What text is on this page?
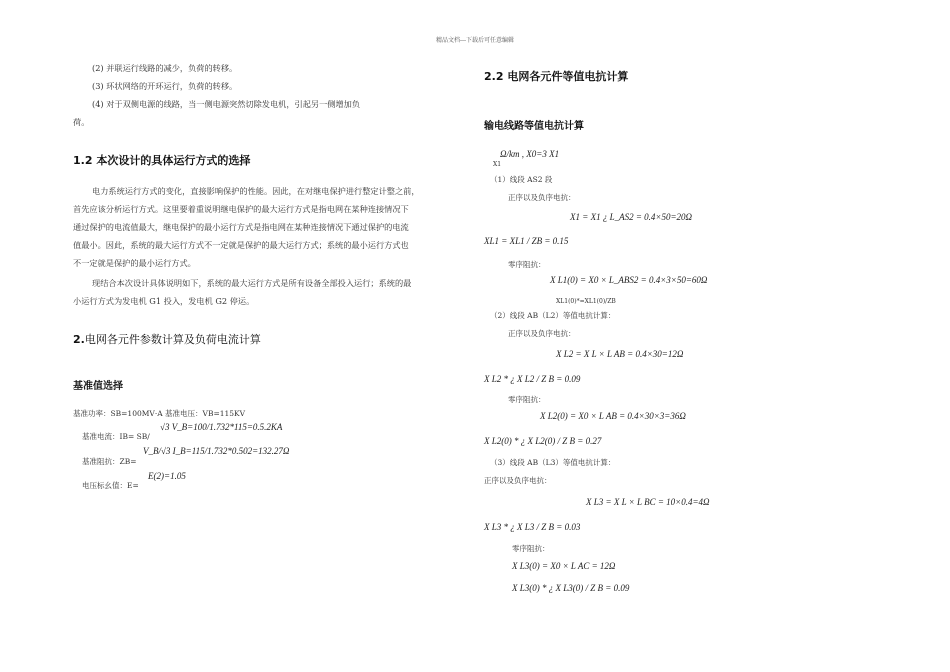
精品文档---下载后可任意编辑
(2) 并联运行线路的减少，负荷的转移。
(3) 环状网络的开环运行，负荷的转移。
(4) 对于双侧电源的线路，当一侧电源突然切除发电机，引起另一侧增加负
荷。
1.2 本次设计的具体运行方式的选择
电力系统运行方式的变化，直接影响保护的性能。因此，在对继电保护进行整定计整之前，
首先应该分析运行方式。这里要着重说明继电保护的最大运行方式是指电网在某种连接情况下
通过保护的电流值最大，继电保护的最小运行方式是指电网在某种连接情况下通过保护的电流
值最小。因此，系统的最大运行方式不一定就是保护的最大运行方式；系统的最小运行方式也
不一定就是保护的最小运行方式。
现结合本次设计具体说明如下，系统的最大运行方式是所有设备全部投入运行；系统的最
小运行方式为发电机 G1 投入，发电机 G2 停运。
2.电网各元件参数计算及负荷电流计算
基准值选择
基准功率：SB=100MV·A 基准电压：VB=115KV
基准电流：IB= SB/
√3 V_B=100/1.732*115=0.5.2KA
基准阻抗：ZB=
V_B/√3 I_B=115/1.732*0.502=132.27Ω
电压标幺值：E=
E(2)=1.05
2.2 电网各元件等值电抗计算
输电线路等值电抗计算
Ω/km , X0=3 X1
X1
（1）线段 AS2 段
正序以及负序电抗：
X1 = X1 ¿ L_AS2 = 0.4×50=20Ω
XL1 = XL1 / ZB = 0.15
零序阻抗：
X L1(0) = X0 × L_ABS2 = 0.4×3×50=60Ω
XL1(0)*=XL1(0)/ZB
（2）线段 AB（L2）等值电抗计算：
正序以及负序电抗：
X L2 = X L × L AB = 0.4×30=12Ω
X L2 * ¿ X L2 / Z B = 0.09
零序阻抗：
X L2(0) = X0 × L AB = 0.4×30×3=36Ω
X L2(0) * ¿ X L2(0) / Z B = 0.27
（3）线段 AB（L3）等值电抗计算：
正序以及负序电抗：
X L3 = X L × L BC = 10×0.4=4Ω
X L3 * ¿ X L3 / Z B = 0.03
零序阻抗：
X L3(0) = X0 × L AC = 12Ω
X L3(0) * ¿ X L3(0) / Z B = 0.09
